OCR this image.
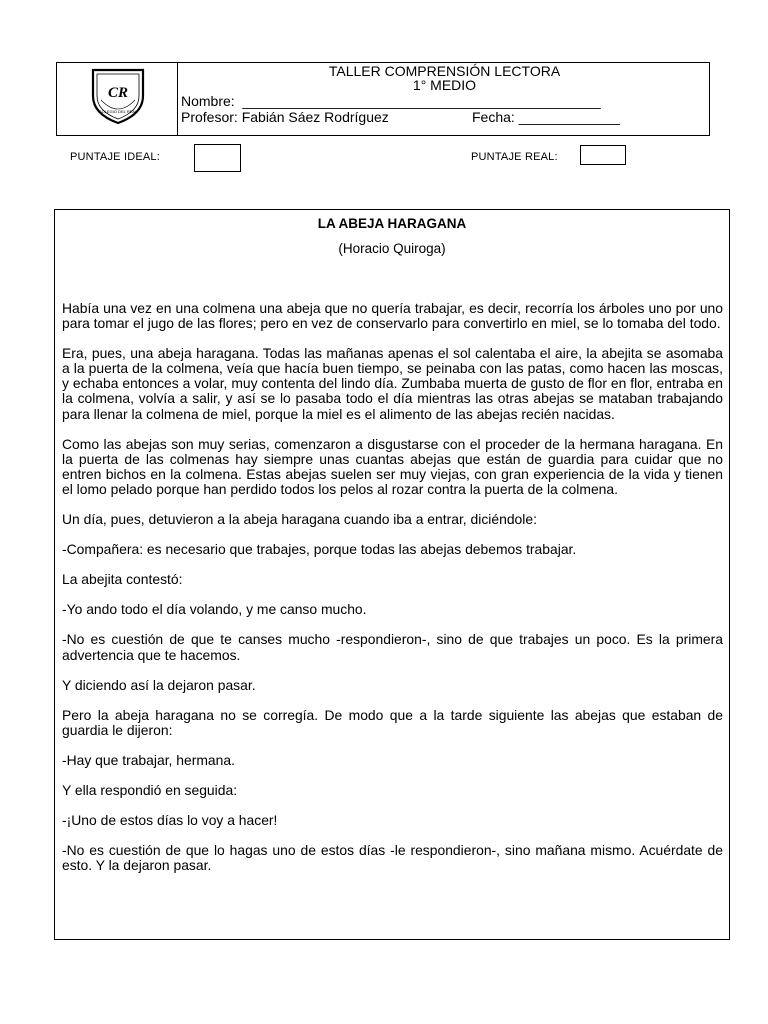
CR
COLEGIO DEL REAL
TALLER COMPRENSIÓN LECTORA
1° MEDIO
Nombre:  ______________________________________________
Profesor: Fabián Sáez Rodríguez	Fecha: _____________
PUNTAJE IDEAL:	PUNTAJE REAL:
LA ABEJA HARAGANA
(Horacio Quiroga)

Había una vez en una colmena una abeja que no quería trabajar, es decir, recorría los árboles uno por uno para tomar el jugo de las flores; pero en vez de conservarlo para convertirlo en miel, se lo tomaba del todo.

Era, pues, una abeja haragana. Todas las mañanas apenas el sol calentaba el aire, la abejita se asomaba a la puerta de la colmena, veía que hacía buen tiempo, se peinaba con las patas, como hacen las moscas, y echaba entonces a volar, muy contenta del lindo día. Zumbaba muerta de gusto de flor en flor, entraba en la colmena, volvía a salir, y así se lo pasaba todo el día mientras las otras abejas se mataban trabajando para llenar la colmena de miel, porque la miel es el alimento de las abejas recién nacidas.

Como las abejas son muy serias, comenzaron a disgustarse con el proceder de la hermana haragana. En la puerta de las colmenas hay siempre unas cuantas abejas que están de guardia para cuidar que no entren bichos en la colmena. Estas abejas suelen ser muy viejas, con gran experiencia de la vida y tienen el lomo pelado porque han perdido todos los pelos al rozar contra la puerta de la colmena.

Un día, pues, detuvieron a la abeja haragana cuando iba a entrar, diciéndole:

-Compañera: es necesario que trabajes, porque todas las abejas debemos trabajar.

La abejita contestó:

-Yo ando todo el día volando, y me canso mucho.

-No es cuestión de que te canses mucho -respondieron-, sino de que trabajes un poco. Es la primera advertencia que te hacemos.

Y diciendo así la dejaron pasar.

Pero la abeja haragana no se corregía. De modo que a la tarde siguiente las abejas que estaban de guardia le dijeron:

-Hay que trabajar, hermana.

Y ella respondió en seguida:

-¡Uno de estos días lo voy a hacer!

-No es cuestión de que lo hagas uno de estos días -le respondieron-, sino mañana mismo. Acuérdate de esto. Y la dejaron pasar.
